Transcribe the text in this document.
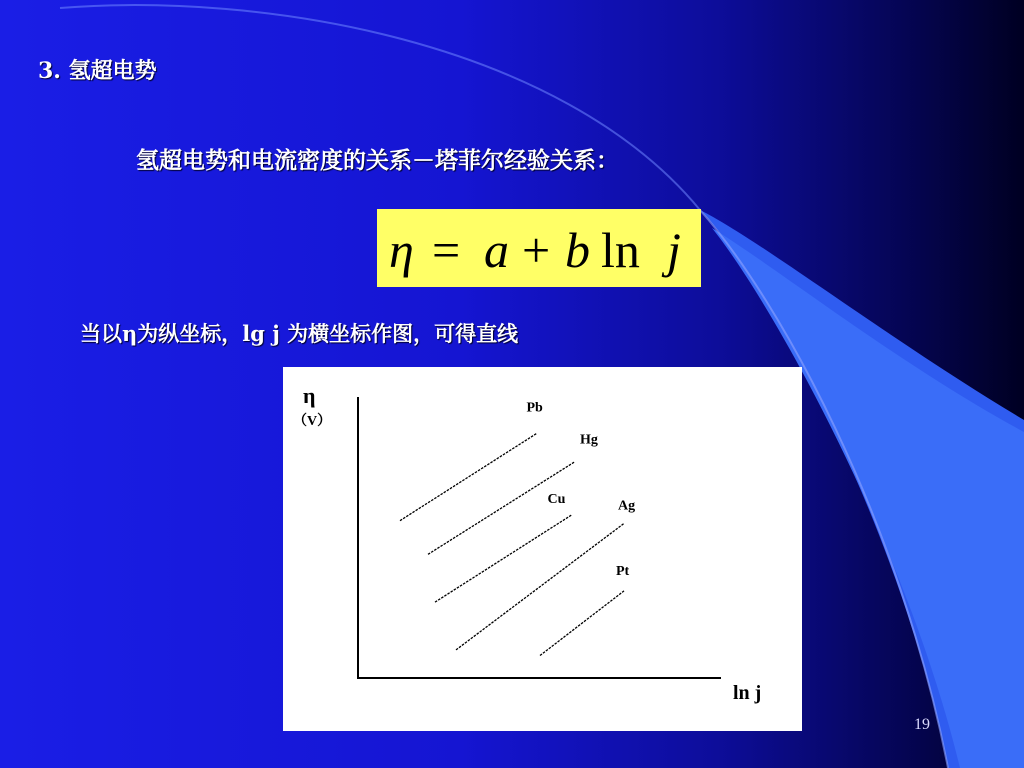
3. 氢超电势
氢超电势和电流密度的关系－塔菲尔经验关系：
η = a + b ln j
当以η为纵坐标，lg j 为横坐标作图，可得直线
η
（V）
ln j
Pb
Hg
Cu	Ag
Pt
19
